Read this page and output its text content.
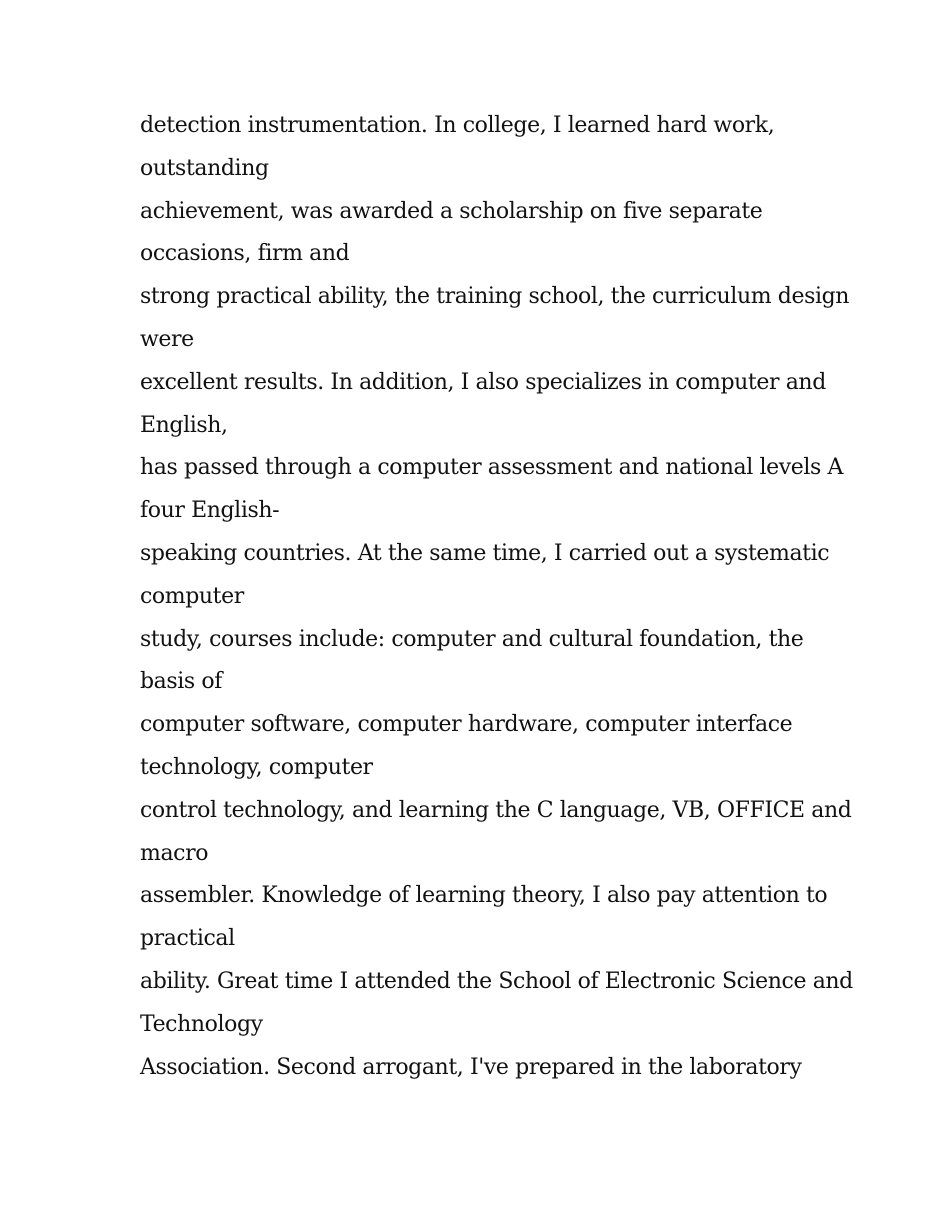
detection instrumentation. In college, I learned hard work,
outstanding
achievement, was awarded a scholarship on five separate
occasions, firm and
strong practical ability, the training school, the curriculum design
were
excellent results. In addition, I also specializes in computer and
English,
has passed through a computer assessment and national levels A
four English-
speaking countries. At the same time, I carried out a systematic
computer
study, courses include: computer and cultural foundation, the
basis of
computer software, computer hardware, computer interface
technology, computer
control technology, and learning the C language, VB, OFFICE and
macro
assembler. Knowledge of learning theory, I also pay attention to
practical
ability. Great time I attended the School of Electronic Science and
Technology
Association. Second arrogant, I've prepared in the laboratory
